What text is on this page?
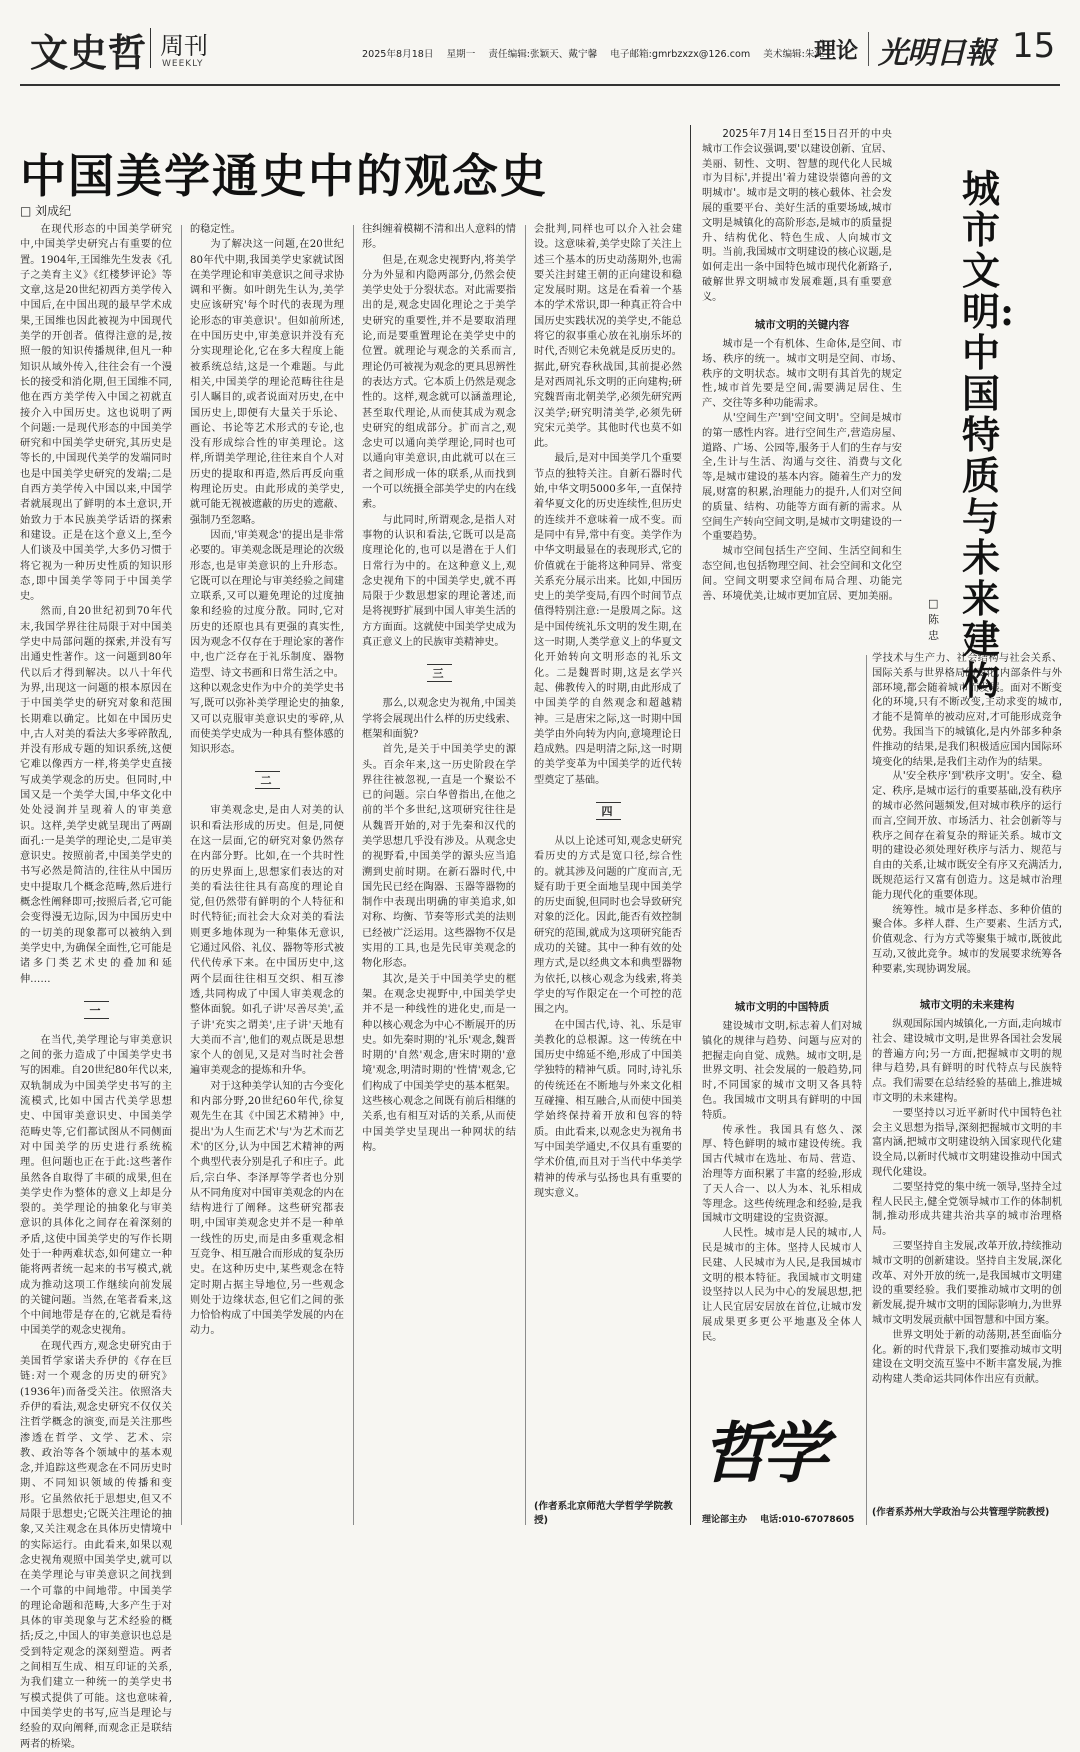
文史哲 周刊
WEEKLY
2025年8月18日 星期一 责任编辑:张颖天、戴宁馨 电子邮箱:gmrbzxzx@126.com 美术编辑:朱江
理论 光明日報 15
中国美学通史中的观念史
□ 刘成纪

在现代形态的中国美学研究中,中国美学史研究占有重要的位置。1904年,王国维先生发表《孔子之美育主义》《红楼梦评论》等文章,这是20世纪初西方美学传入中国后,在中国出现的最早学术成果,王国维也因此被视为中国现代美学的开创者。值得注意的是,按照一般的知识传播规律,但凡一种知识从域外传入,往往会有一个漫长的接受和消化期,但王国维不同,他在西方美学传入中国之初就直接介入中国历史。这也说明了两个问题:一是现代形态的中国美学研究和中国美学史研究,其历史是等长的,中国现代美学的发端同时也是中国美学史研究的发端;二是自西方美学传入中国以来,中国学者就展现出了鲜明的本土意识,开始致力于本民族美学话语的探索和建设。正是在这个意义上,至今人们谈及中国美学,大多仍习惯于将它视为一种历史性质的知识形态,即中国美学等同于中国美学史。

然而,自20世纪初到70年代末,我国学界往往局限于对中国美学史中局部问题的探索,并没有写出通史性著作。这一问题到80年代以后才得到解决。以八十年代为界,出现这一问题的根本原因在于中国美学史的研究对象和范围长期难以确定。比如在中国历史中,古人对美的看法大多零碎散乱,并没有形成专题的知识系统,这便它难以像西方一样,将美学史直接写成美学观念的历史。但同时,中国又是一个美学大国,中华文化中处处浸润并呈现着人的审美意识。这样,美学史就呈现出了两副面孔:一是美学的理论史,二是审美意识史。按照前者,中国美学史的书写必然是简洁的,往往从中国历史中提取几个概念范畴,然后进行概念性阐释即可;按照后者,它可能会变得漫无边际,因为中国历史中的一切美的现象都可以被纳入到美学史中,为确保全面性,它可能是诸多门类艺术史的叠加和延伸……

一

在当代,美学理论与审美意识之间的张力造成了中国美学史书写的困难。自20世纪80年代以来,双轨制成为中国美学史书写的主流模式,比如中国古代美学思想史、中国审美意识史、中国美学范畴史等,它们都试图从不同侧面对中国美学的历史进行系统梳理。但问题也正在于此:这些著作虽然各自取得了丰硕的成果,但在美学史作为整体的意义上却是分裂的。美学理论的抽象化与审美意识的具体化之间存在着深刻的矛盾,这使中国美学史的写作长期处于一种两难状态,如何建立一种能将两者统一起来的书写模式,就成为推动这项工作继续向前发展的关键问题。当然,在笔者看来,这个中间地带是存在的,它就是看待中国美学的观念史视角。

在现代西方,观念史研究由于美国哲学家诺夫乔伊的《存在巨链:对一个观念的历史的研究》(1936年)而备受关注。依照洛夫乔伊的看法,观念史研究不仅仅关注哲学概念的演变,而是关注那些渗透在哲学、文学、艺术、宗教、政治等各个领域中的基本观念,并追踪这些观念在不同历史时期、不同知识领域的传播和变形。它虽然依托于思想史,但又不局限于思想史;它既关注理论的抽象,又关注观念在具体历史情境中的实际运行。由此看来,如果以观念史视角观照中国美学史,就可以在美学理论与审美意识之间找到一个可靠的中间地带。中国美学的理论命题和范畴,大多产生于对具体的审美现象与艺术经验的概括;反之,中国人的审美意识也总是受到特定观念的深刻塑造。两者之间相互生成、相互印证的关系,为我们建立一种统一的美学史书写模式提供了可能。这也意味着,中国美学史的书写,应当是理论与经验的双向阐释,而观念正是联结两者的桥梁。

的稳定性。

为了解决这一问题,在20世纪80年代中期,我国美学史家就试图在美学理论和审美意识之间寻求协调和平衡。如叶朗先生认为,美学史应该研究'每个时代的表现为理论形态的审美意识'。但如前所述,在中国历史中,审美意识并没有充分实现理论化,它在多大程度上能被系统总结,这是一个难题。与此相关,中国美学的理论范畴往往是引人瞩目的,或者说面对历史,在中国历史上,即便有大量关于乐论、画论、书论等艺术形式的专论,也没有形成综合性的审美理论。这样,所谓美学理论,往往来自个人对历史的提取和再造,然后再反向重构理论历史。由此形成的美学史,就可能无视被遮蔽的历史的遮蔽、强制乃至忽略。

因而,'审美观念'的提出是非常必要的。审美观念既是理论的次级形态,也是审美意识的上升形态。它既可以在理论与审美经验之间建立联系,又可以避免理论的过度抽象和经验的过度分散。同时,它对历史的还原也具有更强的真实性,因为观念不仅存在于理论家的著作中,也广泛存在于礼乐制度、器物造型、诗文书画和日常生活之中。这种以观念史作为中介的美学史书写,既可以弥补美学理论史的抽象,又可以克服审美意识史的零碎,从而使美学史成为一种具有整体感的知识形态。

二

审美观念史,是由人对美的认识和看法形成的历史。但是,同便在这一层面,它的研究对象仍然存在内部分野。比如,在一个共时性的历史界面上,思想家们表达的对美的看法往往具有高度的理论自觉,但仍然带有鲜明的个人特征和时代特征;而社会大众对美的看法则更多地体现为一种集体无意识,它通过风俗、礼仪、器物等形式被代代传承下来。在中国历史中,这两个层面往往相互交织、相互渗透,共同构成了中国人审美观念的整体面貌。如孔子讲'尽善尽美',孟子讲'充实之谓美',庄子讲'天地有大美而不言',他们的观点既是思想家个人的创见,又是对当时社会普遍审美观念的提炼和升华。

对于这种美学认知的古今变化和内部分野,20世纪60年代,徐复观先生在其《中国艺术精神》中,提出'为人生而艺术'与'为艺术而艺术'的区分,认为中国艺术精神的两个典型代表分别是孔子和庄子。此后,宗白华、李泽厚等学者也分别从不同角度对中国审美观念的内在结构进行了阐释。这些研究都表明,中国审美观念史并不是一种单一线性的历史,而是由多重观念相互竞争、相互融合而形成的复杂历史。在这种历史中,某些观念在特定时期占据主导地位,另一些观念则处于边缘状态,但它们之间的张力恰恰构成了中国美学发展的内在动力。

往纠缠着模糊不清和出人意料的情形。

但是,在观念史视野内,将美学分为外显和内隐两部分,仍然会使美学史处于分裂状态。对此需要指出的是,观念史固化理论之于美学史研究的重要性,并不是要取消理论,而是要重置理论在美学史中的位置。就理论与观念的关系而言,理论仍可被视为观念的更具思辨性的表达方式。它本质上仍然是观念性的。这样,观念就可以涵盖理论,甚至取代理论,从而使其成为观念史研究的组成部分。扩而言之,观念史可以通向美学理论,同时也可以通向审美意识,由此就可以在三者之间形成一体的联系,从而找到一个可以统摄全部美学史的内在线索。

与此同时,所谓观念,是指人对事物的认识和看法,它既可以是高度理论化的,也可以是潜在于人们日常行为中的。在这种意义上,观念史视角下的中国美学史,就不再局限于少数思想家的理论著述,而是将视野扩展到中国人审美生活的方方面面。这就使中国美学史成为真正意义上的民族审美精神史。

三

那么,以观念史为视角,中国美学将会展现出什么样的历史线索、框架和面貌?

首先,是关于中国美学史的源头。百余年来,这一历史阶段在学界往往被忽视,一直是一个聚讼不已的问题。宗白华曾指出,在他之前的半个多世纪,这项研究往往是从魏晋开始的,对于先秦和汉代的美学思想几乎没有涉及。从观念史的视野看,中国美学的源头应当追溯到史前时期。在新石器时代,中国先民已经在陶器、玉器等器物的制作中表现出明确的审美追求,如对称、均衡、节奏等形式美的法则已经被广泛运用。这些器物不仅是实用的工具,也是先民审美观念的物化形态。

其次,是关于中国美学史的框架。在观念史视野中,中国美学史并不是一种线性的进化史,而是一种以核心观念为中心不断展开的历史。如先秦时期的'礼乐'观念,魏晋时期的'自然'观念,唐宋时期的'意境'观念,明清时期的'性情'观念,它们构成了中国美学史的基本框架。这些核心观念之间既有前后相继的关系,也有相互对话的关系,从而使中国美学史呈现出一种网状的结构。

会批判,同样也可以介入社会建设。这意味着,美学史除了关注上述三个基本的历史动荡期外,也需要关注封建王朝的正向建设和稳定发展时期。这是在看着一个基本的学术常识,即一种真正符合中国历史实践状况的美学史,不能总将它的叙事重心放在礼崩乐坏的时代,否则它未免就是反历史的。据此,研究春秋战国,其前提必然是对西周礼乐文明的正向建构;研究魏晋南北朝美学,必须先研究两汉美学;研究明清美学,必须先研究宋元美学。其他时代也莫不如此。

最后,是对中国美学几个重要节点的独特关注。自新石器时代始,中华文明5000多年,一直保持着华夏文化的历史连续性,但历史的连续并不意味着一成不变。而是同中有异,常中有变。美学作为中华文明最显在的表现形式,它的价值就在于能将这种同异、常变关系充分展示出来。比如,中国历史上的美学变局,有四个时间节点值得特别注意:一是殷周之际。这是中国传统礼乐文明的发生期,在这一时期,人类学意义上的华夏文化开始转向文明形态的礼乐文化。二是魏晋时期,这是玄学兴起、佛教传入的时期,由此形成了中国美学的自然观念和超越精神。三是唐宋之际,这一时期中国美学由外向转为内向,意境理论日趋成熟。四是明清之际,这一时期的美学变革为中国美学的近代转型奠定了基础。

四

从以上论述可知,观念史研究看历史的方式是宽口径,综合性的。就其涉及问题的广度而言,无疑有助于更全面地呈现中国美学的历史面貌,但同时也会导致研究对象的泛化。因此,能否有效控制研究的范围,就成为这项研究能否成功的关键。其中一种有效的处理方式,是以经典文本和典型器物为依托,以核心观念为线索,将美学史的写作限定在一个可控的范围之内。

在中国古代,诗、礼、乐是审美教化的总根源。这一传统在中国历史中绵延不绝,形成了中国美学独特的精神气质。同时,诗礼乐的传统还在不断地与外来文化相互碰撞、相互融合,从而使中国美学始终保持着开放和包容的特质。由此看来,以观念史为视角书写中国美学通史,不仅具有重要的学术价值,而且对于当代中华美学精神的传承与弘扬也具有重要的现实意义。

(作者系北京师范大学哲学学院教授)

2025年7月14日至15日召开的中央城市工作会议强调,要'以建设创新、宜居、美丽、韧性、文明、智慧的现代化人民城市为目标',并提出'着力建设崇德向善的文明城市'。城市是文明的核心载体、社会发展的重要平台、美好生活的重要场域,城市文明是城镇化的高阶形态,是城市的质量提升、结构优化、特色生成、人向城市文明。当前,我国城市文明建设的核心议题,是如何走出一条中国特色城市现代化新路子,破解世界文明城市发展难题,具有重要意义。

城市文明:中国特质与未来建构
□ 陈 忠
城市文明的关键内容

城市是一个有机体、生命体,是空间、市场、秩序的统一。城市文明是空间、市场、秩序的文明状态。城市文明有其首先的规定性,城市首先要是空间,需要满足居住、生产、交往等多种功能需求。

从'空间生产'到'空间文明'。空间是城市的第一感性内容。进行空间生产,营造房屋、道路、广场、公园等,服务于人们的生存与安全,生计与生活、沟通与交往、消费与文化等,是城市建设的基本内容。随着生产力的发展,财富的积累,治理能力的提升,人们对空间的质量、结构、功能等方面有新的需求。从空间生产转向空间文明,是城市文明建设的一个重要趋势。

城市空间包括生产空间、生活空间和生态空间,也包括物理空间、社会空间和文化空间。空间文明要求空间布局合理、功能完善、环境优美,让城市更加宜居、更加美丽。

学技术与生产力、社会结构与社会关系、国际关系与世界格局的变化,内部条件与外部环境,都会随着城市而发展。面对不断变化的环境,只有不断改变,主动求变的城市,才能不是简单的被动应对,才可能形成竞争优势。我国当下的城镇化,是内外部多种条件推动的结果,是我们积极适应国内国际环境变化的结果,是我们主动作为的结果。

从'安全秩序'到'秩序文明'。安全、稳定、秩序,是城市运行的重要基础,没有秩序的城市必然问题频发,但对城市秩序的运行而言,空间开放、市场活力、社会创新等与秩序之间存在着复杂的辩证关系。城市文明的建设必须处理好秩序与活力、规范与自由的关系,让城市既安全有序又充满活力,既规范运行又富有创造力。这是城市治理能力现代化的重要体现。

统筹性。城市是多样态、多种价值的聚合体。多样人群、生产要素、生活方式,价值观念、行为方式等聚集于城市,既彼此互动,又彼此竞争。城市的发展要求统筹各种要素,实现协调发展。

城市文明的中国特质

建设城市文明,标志着人们对城镇化的规律与趋势、问题与应对的把握走向自觉、成熟。城市文明,是世界文明、社会发展的一般趋势,同时,不同国家的城市文明又各具特色。我国城市文明具有鲜明的中国特质。

传承性。我国具有悠久、深厚、特色鲜明的城市建设传统。我国古代城市在选址、布局、营造、治理等方面积累了丰富的经验,形成了天人合一、以人为本、礼乐相成等理念。这些传统理念和经验,是我国城市文明建设的宝贵资源。

人民性。城市是人民的城市,人民是城市的主体。坚持人民城市人民建、人民城市为人民,是我国城市文明的根本特征。我国城市文明建设坚持以人民为中心的发展思想,把让人民宜居安居放在首位,让城市发展成果更多更公平地惠及全体人民。

城市文明的未来建构

纵观国际国内城镇化,一方面,走向城市社会、建设城市文明,是世界各国社会发展的普遍方向;另一方面,把握城市文明的规律与趋势,具有鲜明的时代特点与民族特点。我们需要在总结经验的基础上,推进城市文明的未来建构。

一要坚持以习近平新时代中国特色社会主义思想为指导,深刻把握城市文明的丰富内涵,把城市文明建设纳入国家现代化建设全局,以新时代城市文明建设推动中国式现代化建设。

二要坚持党的集中统一领导,坚持全过程人民民主,健全党领导城市工作的体制机制,推动形成共建共治共享的城市治理格局。

三要坚持自主发展,改革开放,持续推动城市文明的创新建设。坚持自主发展,深化改革、对外开放的统一,是我国城市文明建设的重要经验。我们要推动城市文明的创新发展,提升城市文明的国际影响力,为世界城市文明发展贡献中国智慧和中国方案。

世界文明处于新的动荡期,甚至面临分化。新的时代背景下,我们要推动城市文明建设在文明交流互鉴中不断丰富发展,为推动构建人类命运共同体作出应有贡献。

(作者系苏州大学政治与公共管理学院教授)
哲学
理论部主办 电话:010-67078605
